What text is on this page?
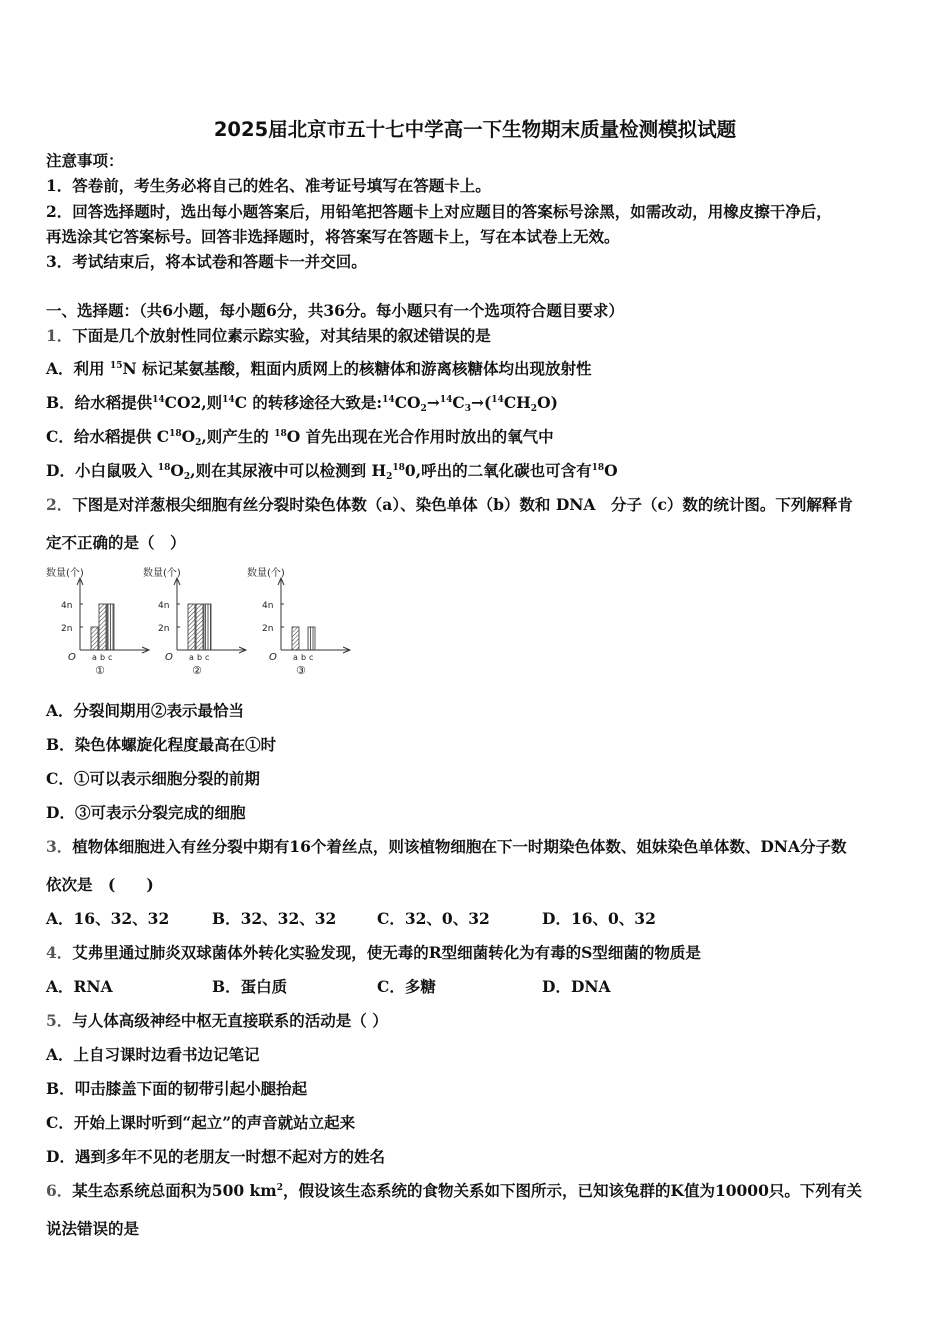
2025届北京市五十七中学高一下生物期末质量检测模拟试题
注意事项：
1．答卷前，考生务必将自己的姓名、准考证号填写在答题卡上。
2．回答选择题时，选出每小题答案后，用铅笔把答题卡上对应题目的答案标号涂黑，如需改动，用橡皮擦干净后，
再选涂其它答案标号。回答非选择题时，将答案写在答题卡上，写在本试卷上无效。
3．考试结束后，将本试卷和答题卡一并交回。
一、选择题：（共6小题，每小题6分，共36分。每小题只有一个选项符合题目要求）
1．下面是几个放射性同位素示踪实验，对其结果的叙述错误的是
A．利用 $^{15}$N 标记某氨基酸，粗面内质网上的核糖体和游离核糖体均出现放射性
B．给水稻提供$^{14}$CO2,则$^{14}$C 的转移途径大致是$:^{14}CO_2\to^{14}C_3\to(^{14}CH_2O)$
C．给水稻提供 $C^{18}O_2$,则产生的 $^{18}$O 首先出现在光合作用时放出的氧气中
D．小白鼠吸入 $^{18}O_2$,则在其尿液中可以检测到 $H_2^{18}0$,呼出的二氧化碳也可含有$^{18}$O
2．下图是对洋葱根尖细胞有丝分裂时染色体数（a）、染色单体（b）数和 DNA　分子（c）数的统计图。下列解释肯
定不正确的是（　）
数量(个)
O
2n
4n
a b c
①
数量(个)
O
2n
4n
a b c
②
数量(个)
O
2n
4n
a b c
③
A．分裂间期用②表示最恰当
B．染色体螺旋化程度最高在①时
C．①可以表示细胞分裂的前期
D．③可表示分裂完成的细胞
3．植物体细胞进入有丝分裂中期有16个着丝点，则该植物细胞在下一时期染色体数、姐妹染色单体数、DNA分子数
依次是　(　　)
A．16、32、32	B．32、32、32	C．32、0、32	D．16、0、32
4．艾弗里通过肺炎双球菌体外转化实验发现，使无毒的R型细菌转化为有毒的S型细菌的物质是
A．RNA	B．蛋白质	C．多糖	D．DNA
5．与人体高级神经中枢无直接联系的活动是（ ）
A．上自习课时边看书边记笔记
B．叩击膝盖下面的韧带引起小腿抬起
C．开始上课时听到“起立”的声音就站立起来
D．遇到多年不见的老朋友一时想不起对方的姓名
6．某生态系统总面积为500 $km^2$，假设该生态系统的食物关系如下图所示，已知该兔群的K值为10000只。下列有关
说法错误的是
